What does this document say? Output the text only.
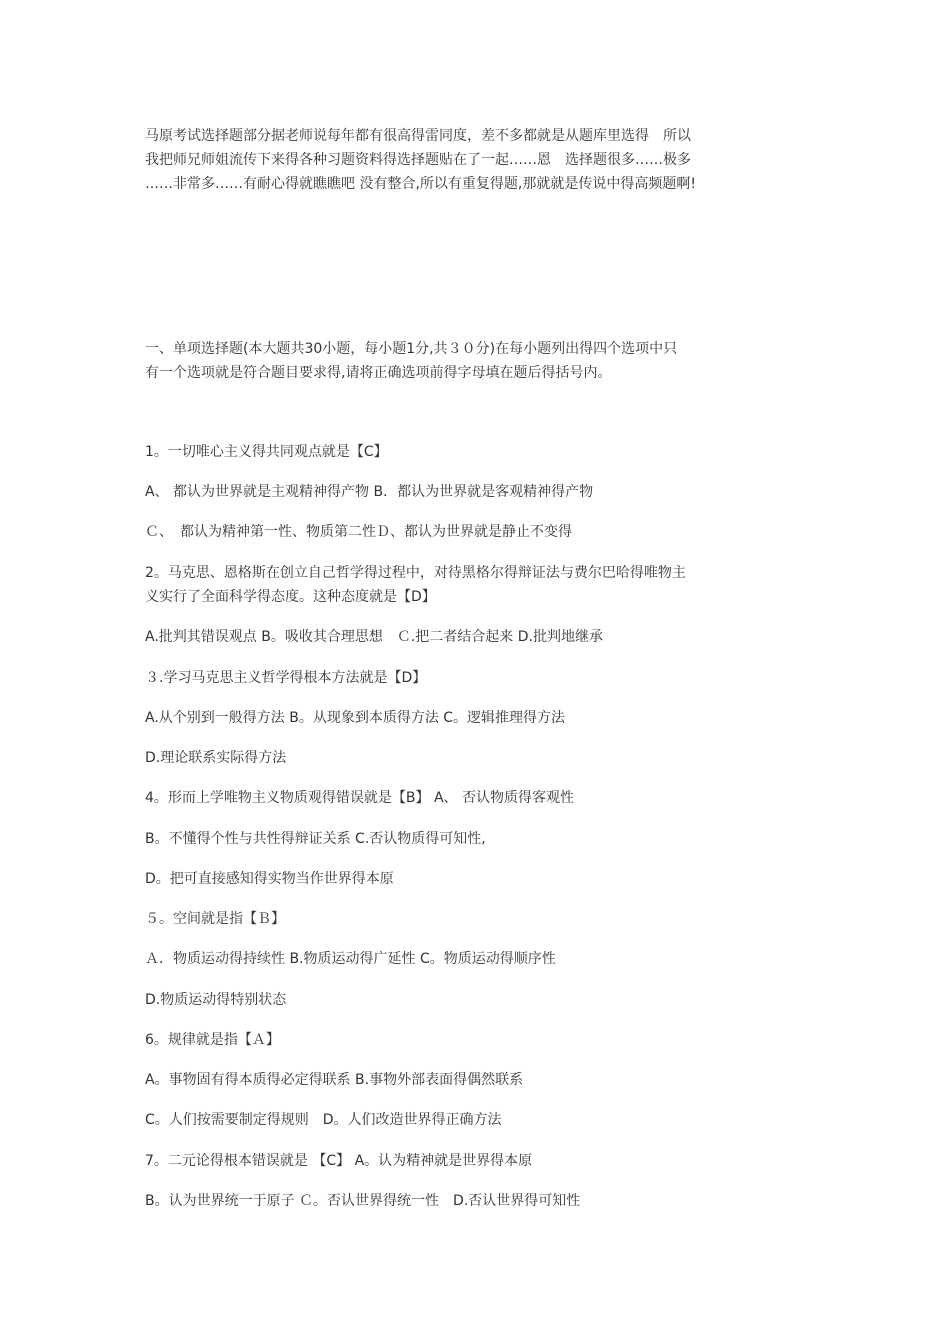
马原考试选择题部分据老师说每年都有很高得雷同度，差不多都就是从题库里选得　所以
我把师兄师姐流传下来得各种习题资料得选择题贴在了一起……恩　选择题很多……极多
……非常多……有耐心得就瞧瞧吧 没有整合,所以有重复得题,那就就是传说中得高频题啊!
一、单项选择题(本大题共30小题，每小题1分,共３０分)在每小题列出得四个选项中只
有一个选项就是符合题目要求得,请将正确选项前得字母填在题后得括号内。

1。一切唯心主义得共同观点就是【C】

A、 都认为世界就是主观精神得产物 B．都认为世界就是客观精神得产物

Ｃ、　都认为精神第一性、物质第二性Ｄ、都认为世界就是静止不变得

2。马克思、恩格斯在创立自己哲学得过程中，对待黑格尔得辩证法与费尔巴哈得唯物主
义实行了全面科学得态度。这种态度就是【D】

A.批判其错误观点 B。吸收其合理思想　Ｃ.把二者结合起来 D.批判地继承

３.学习马克思主义哲学得根本方法就是【D】

A.从个别到一般得方法 B。从现象到本质得方法 C。逻辑推理得方法

D.理论联系实际得方法

4。形而上学唯物主义物质观得错误就是【B】 A、 否认物质得客观性

B。不懂得个性与共性得辩证关系 C.否认物质得可知性,

D。把可直接感知得实物当作世界得本原

５。空间就是指【Ｂ】

Ａ．物质运动得持续性 B.物质运动得广延性 C。物质运动得顺序性

D.物质运动得特别状态

6。规律就是指【Ａ】

A。事物固有得本质得必定得联系 B.事物外部表面得偶然联系

C。人们按需要制定得规则　D。人们改造世界得正确方法

7。二元论得根本错误就是 【C】 A。认为精神就是世界得本原

B。认为世界统一于原子 Ｃ。否认世界得统一性　D.否认世界得可知性
